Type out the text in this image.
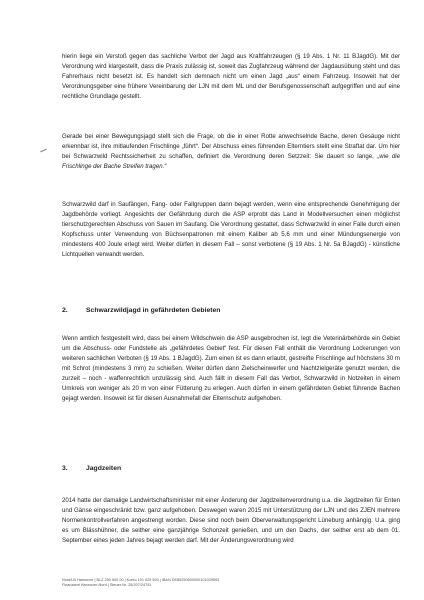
hierin liege ein Verstoß gegen das sachliche Verbot der Jagd aus Kraftfahrzeugen (§ 19 Abs. 1 Nr. 11 BJagdG). Mit der Verordnung wird klargestellt, dass die Praxis zulässig ist, soweit das Zugfahrzeug während der Jagdausübung steht und das Fahrerhaus nicht besetzt ist. Es handelt sich demnach nicht um einen Jagd „aus“ einem Fahrzeug. Insoweit hat der Verordnungsgeber eine frühere Vereinbarung der LJN mit dem ML und der Berufsgenossenschaft aufgegriffen und auf eine rechtliche Grundlage gestellt.

Gerade bei einer Bewegungsjagd stellt sich die Frage, ob die in einer Rotte anwechselnde Bache, deren Gesäuge nicht erkennbar ist, ihre mitlaufenden Frischlinge „führt“. Der Abschuss eines führenden Elterntiers stellt eine Straftat dar. Um hier bei Schwarzwild Rechtssicherheit zu schaffen, definiert die Verordnung deren Setzzeit: Sie dauert so lange, „wie die Frischlinge der Bache Streifen tragen.“

Schwarzwild darf in Saufängen, Fang- oder Fallgruppen dann bejagt werden, wenn eine entsprechende Genehmigung der Jagdbehörde vorliegt. Angesichts der Gefährdung durch die ASP erprobt das Land in Modellversuchen einen möglichst tierschutzgerechten Abschuss von Sauen im Saufang. Die Verordnung gestattet, dass Schwarzwild in einer Falle durch einen Kopfschuss unter Verwendung von Büchsenpatronen mit einem Kaliber ab 5,6 mm und einer Mündungsenergie von mindestens 400 Joule erlegt wird. Weiter dürfen in diesem Fall – sonst verbotene (§ 19 Abs. 1 Nr. 5a BJagdG) - künstliche Lichtquellen verwandt werden.

2.	Schwarzwildjagd in gefährdeten Gebieten

Wenn amtlich festgestellt wird, dass bei einem Wildschwein die ASP ausgebrochen ist, legt die Veterinärbehörde ein Gebiet um die Abschuss- oder Fundstelle als „gefährdetes Gebiet“ fest. Für diesen Fall enthält die Verordnung Lockerungen von weiteren sachlichen Verboten (§ 19 Abs. 1 BJagdG). Zum einen ist es dann erlaubt, gestreifte Frischlinge auf höchstens 30 m mit Schrot (mindestens 3 mm) zu schießen. Weiter dürfen dann Zielscheinwerfer und Nachtzielgeräte genutzt werden, die zurzeit – noch - waffenrechtlich unzulässig sind. Auch fällt in diesem Fall das Verbot, Schwarzwild in Notzeiten in einem Umkreis von weniger als 20 m von einer Fütterung zu erlegen. Auch dürfen in einem gefährdeten Gebiet führende Bachen gejagt werden. Insoweit ist für diesen Ausnahmefall der Elternschutz aufgehoben.

3.	Jagdzeiten

2014 hatte der damalige Landwirtschaftsminister mit einer Änderung der Jagdzeitenverordnung u.a. die Jagdzeiten für Enten und Gänse eingeschränkt bzw. ganz aufgehoben. Deswegen waren 2015 mit Unterstützung der LJN und des ZJEN mehrere Normenkontrollverfahren angestrengt worden. Diese sind noch beim Oberverwaltungsgericht Lüneburg anhängig. U.a. ging es um Blässhühner, die seither eine ganzjährige Schonzeit genießen, und um den Dachs, der seither erst ab dem 01. September eines jeden Jahres bejagt werden darf. Mit der Änderungsverordnung wird

Nord/LB Hannover | BLZ 250 500 00 | Konto 101 029 593 | IBAN DE85250500000101029593
Finanzamt Hannover-Nord | Steuer-Nr. 25/207/24751
